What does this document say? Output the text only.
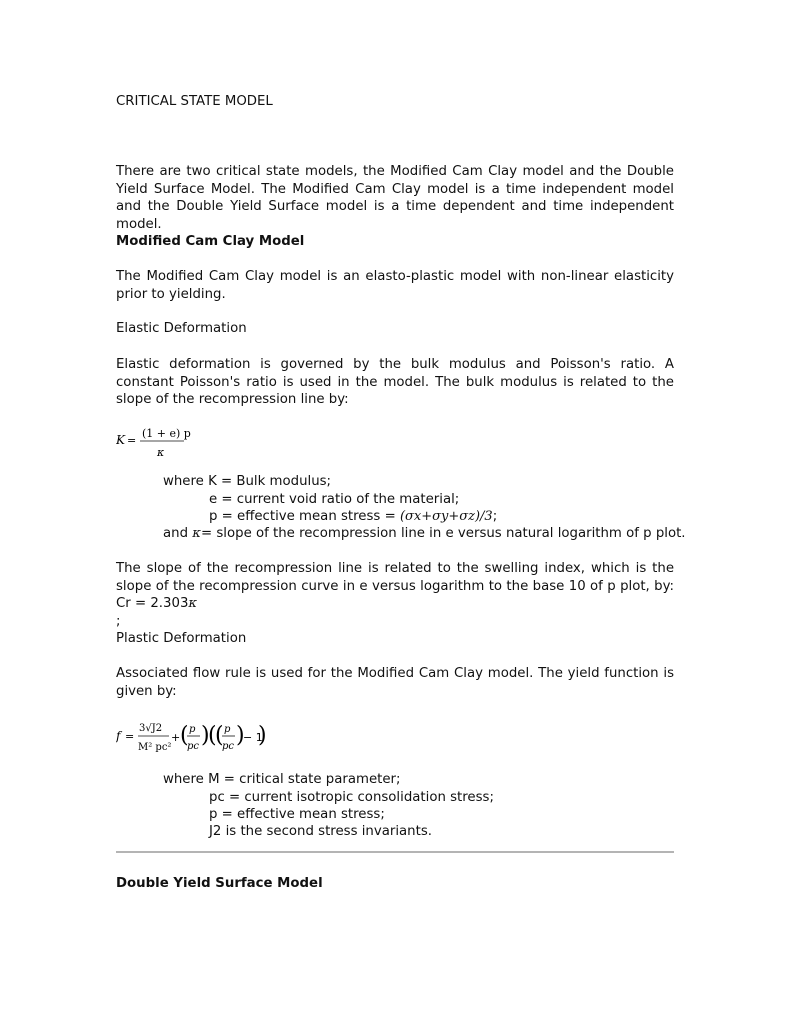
CRITICAL STATE MODEL

There are two critical state models, the Modified Cam Clay model and the Double Yield Surface Model. The Modified Cam Clay model is a time independent model and the Double Yield Surface model is a time dependent and time independent model.

Modified Cam Clay Model

The Modified Cam Clay model is an elasto-plastic model with non-linear elasticity prior to yielding.

Elastic Deformation

Elastic deformation is governed by the bulk modulus and Poisson's ratio. A constant Poisson's ratio is used in the model. The bulk modulus is related to the slope of the recompression line by:

K =
(1 + e) p
κ
where K = Bulk modulus;
e = current void ratio of the material;
p = effective mean stress = (σx+σy+σz)/3;
and κ= slope of the recompression line in e versus natural logarithm of p plot.

The slope of the recompression line is related to the swelling index, which is the slope of the recompression curve in e versus logarithm to the base 10 of p plot, by: Cr = 2.303κ
;

Plastic Deformation

Associated flow rule is used for the Modified Cam Clay model. The yield function is given by:

f =
3√J2
M² pc²
+ ( p
pc )
(
( p
pc )
− 1
)
where M = critical state parameter;
pc = current isotropic consolidation stress;
p = effective mean stress;
J2 is the second stress invariants.

Double Yield Surface Model
